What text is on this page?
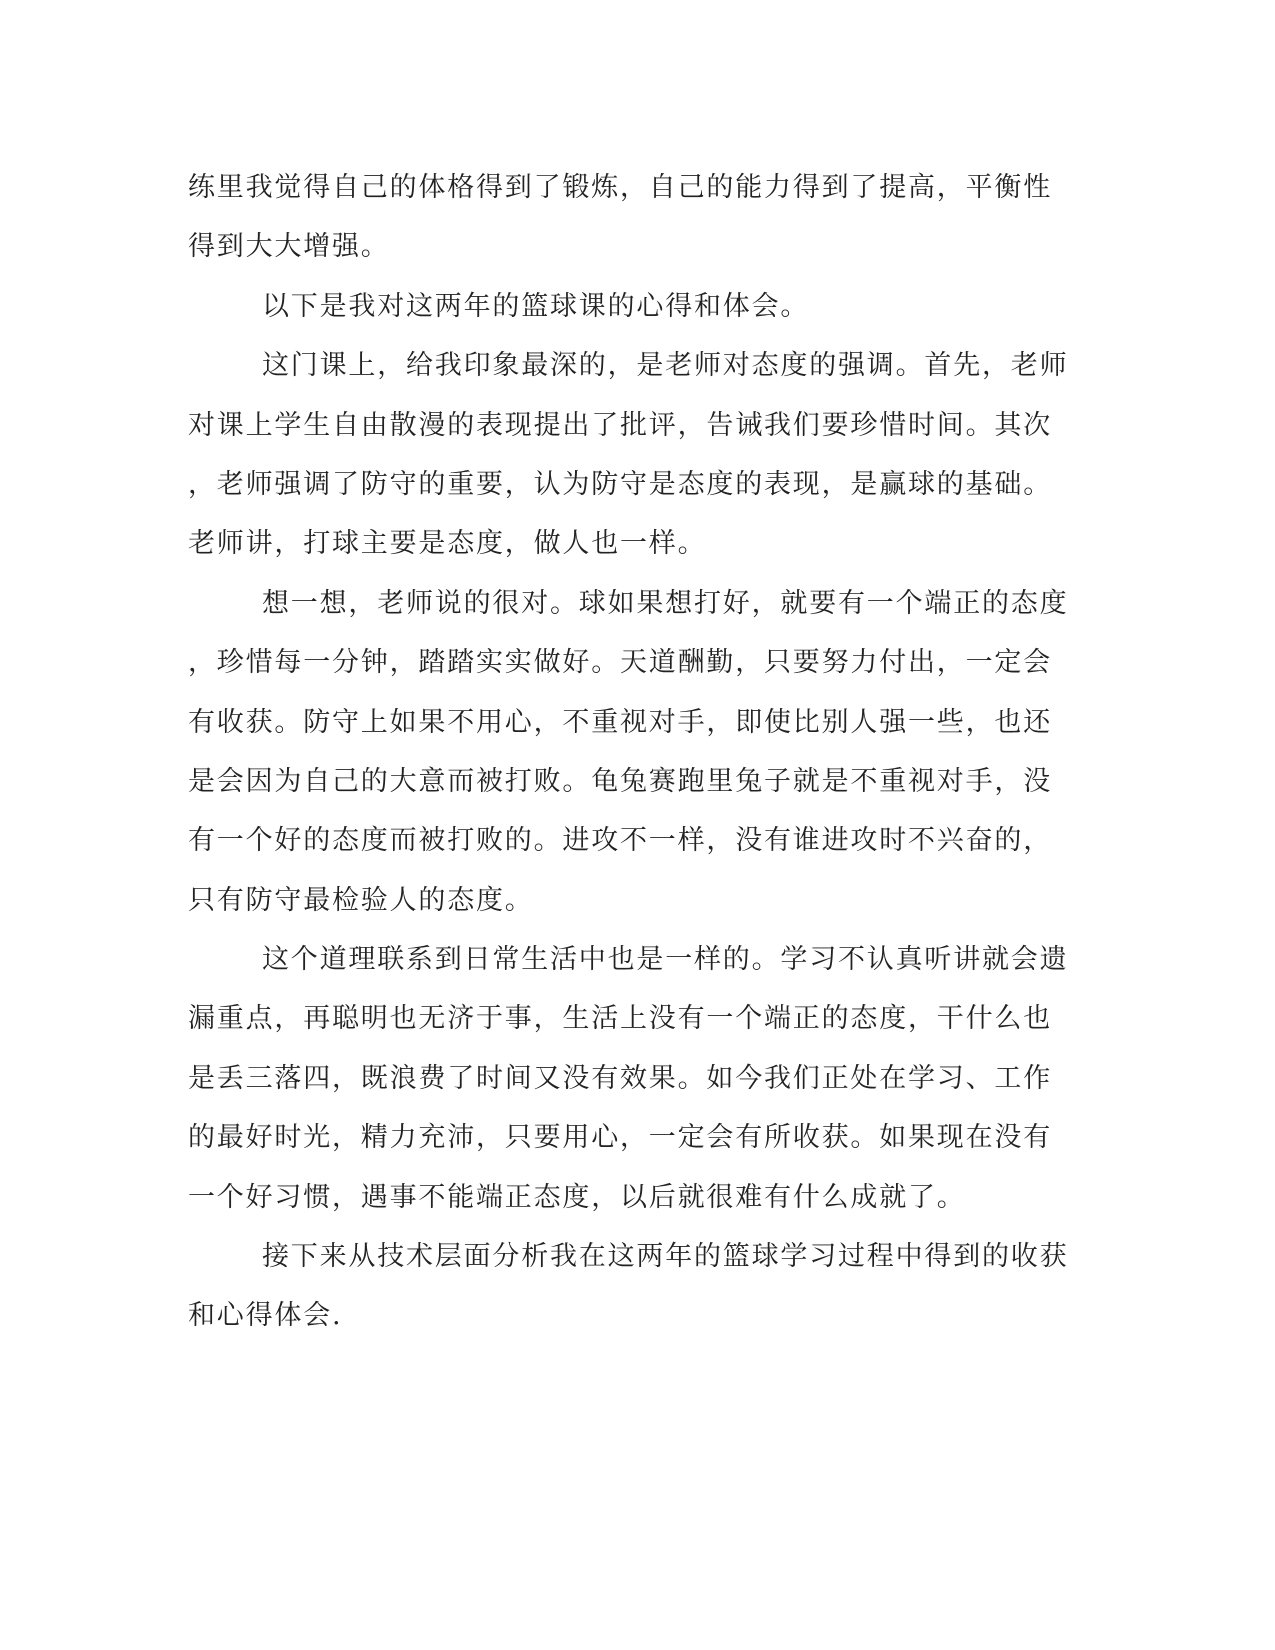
练里我觉得自己的体格得到了锻炼，自己的能力得到了提高，平衡性
得到大大增强。
以下是我对这两年的篮球课的心得和体会。
这门课上，给我印象最深的，是老师对态度的强调。首先，老师
对课上学生自由散漫的表现提出了批评，告诫我们要珍惜时间。其次
，老师强调了防守的重要，认为防守是态度的表现，是赢球的基础。
老师讲，打球主要是态度，做人也一样。
想一想，老师说的很对。球如果想打好，就要有一个端正的态度
，珍惜每一分钟，踏踏实实做好。天道酬勤，只要努力付出，一定会
有收获。防守上如果不用心，不重视对手，即使比别人强一些，也还
是会因为自己的大意而被打败。龟兔赛跑里兔子就是不重视对手，没
有一个好的态度而被打败的。进攻不一样，没有谁进攻时不兴奋的，
只有防守最检验人的态度。
这个道理联系到日常生活中也是一样的。学习不认真听讲就会遗
漏重点，再聪明也无济于事，生活上没有一个端正的态度，干什么也
是丢三落四，既浪费了时间又没有效果。如今我们正处在学习、工作
的最好时光，精力充沛，只要用心，一定会有所收获。如果现在没有
一个好习惯，遇事不能端正态度，以后就很难有什么成就了。
接下来从技术层面分析我在这两年的篮球学习过程中得到的收获
和心得体会.
